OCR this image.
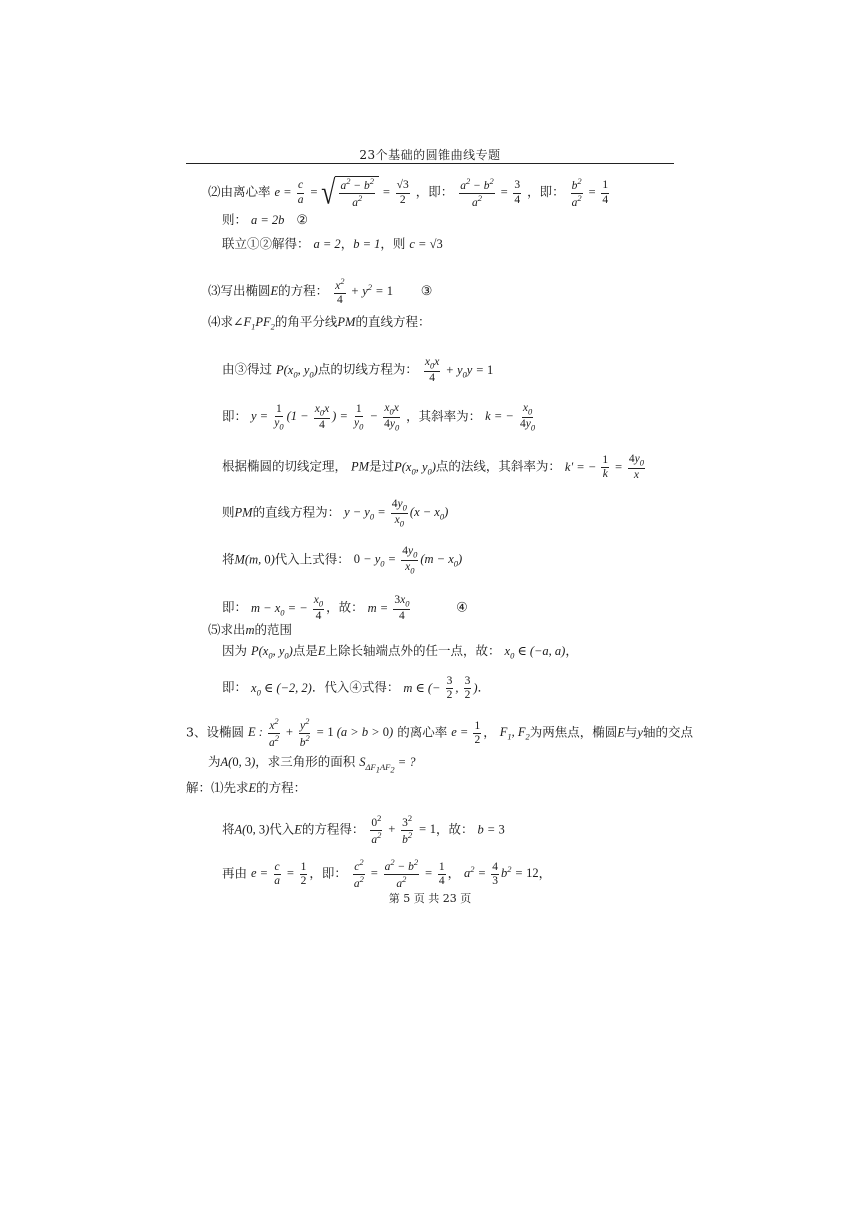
23个基础的圆锥曲线专题
⑵由离心率 $e = \frac{c}{a}$ = √ $\frac{a^2 - b^2}{a^2} = \frac{√3}{2}$ ，即： $\frac{a^2 - b^2}{a^2} = \frac{3}{4}$ ，即： $\frac{b^2}{a^2} = \frac{1}{4}$
则： a = 2b ②
联立①②解得： a = 2，b = 1，则 c = √3
⑶写出椭圆E的方程： $\frac{x^2}{4} + y^2 = 1$ ③
⑷求$\angle F_1PF_2$的角平分线PM的直线方程：
由③得过 $P(x_0$, $y_0$)点的切线方程为： $\frac{x_0x}{4} + y_0y = 1$
即： $y = \frac{1}{y_0} (1 - \frac{x_0x}{4}$ ) = $\frac{1}{y_0} - \frac{x_0x}{4y_0}$ ，其斜率为： k = − $\frac{x_0}{4y_0}$
根据椭圆的切线定理， PM是过$P(x_0$, $y_0$)点的法线，其斜率为： k' = − $\frac{1}{k} = \frac{4y_0}{x}$
则PM的直线方程为： $y - y_0 = \frac{4y_0}{x_0} (x - x_0)$
将M(m, 0)代入上式得： $0 - y_0 = \frac{4y_0}{x_0} (m - x_0)$
即： $m - x_0$ = − $\frac{x_0}{4}$ ，故： $m = \frac{3x_0}{4}$	④
⑸求出m的范围
因为 $P(x_0$, $y_0$)点是E上除长轴端点外的任一点，故： $x_0$ ∈ (−a, a)，
即： $x_0$ ∈ (−2, 2)．代入④式得： m ∈ (− $\frac{3}{2}$ , $\frac{3}{2}$ )．
3、设椭圆 E : $\frac{x^2}{a^2} + \frac{y^2}{b^2} = 1$ (a > b > 0) 的离心率 $e = \frac{1}{2}$ ， $F_1$, $F_2$为两焦点，椭圆E与y轴的交点
为A(0, 3)，求三角形的面积 $S_{\Delta F_1AF_2}$ = ?
解：⑴先求E的方程：
将A(0, 3)代入E的方程得： $\frac{0^2}{a^2} + \frac{3^2}{b^2} = 1$，故： b = 3
再由 $e = \frac{c}{a} = \frac{1}{2}$ ，即： $\frac{c^2}{a^2} = \frac{a^2 - b^2}{a^2} = \frac{1}{4}$ ， $a^2 = \frac{4}{3} b^2 = 12$，
第 5 页 共 23 页
